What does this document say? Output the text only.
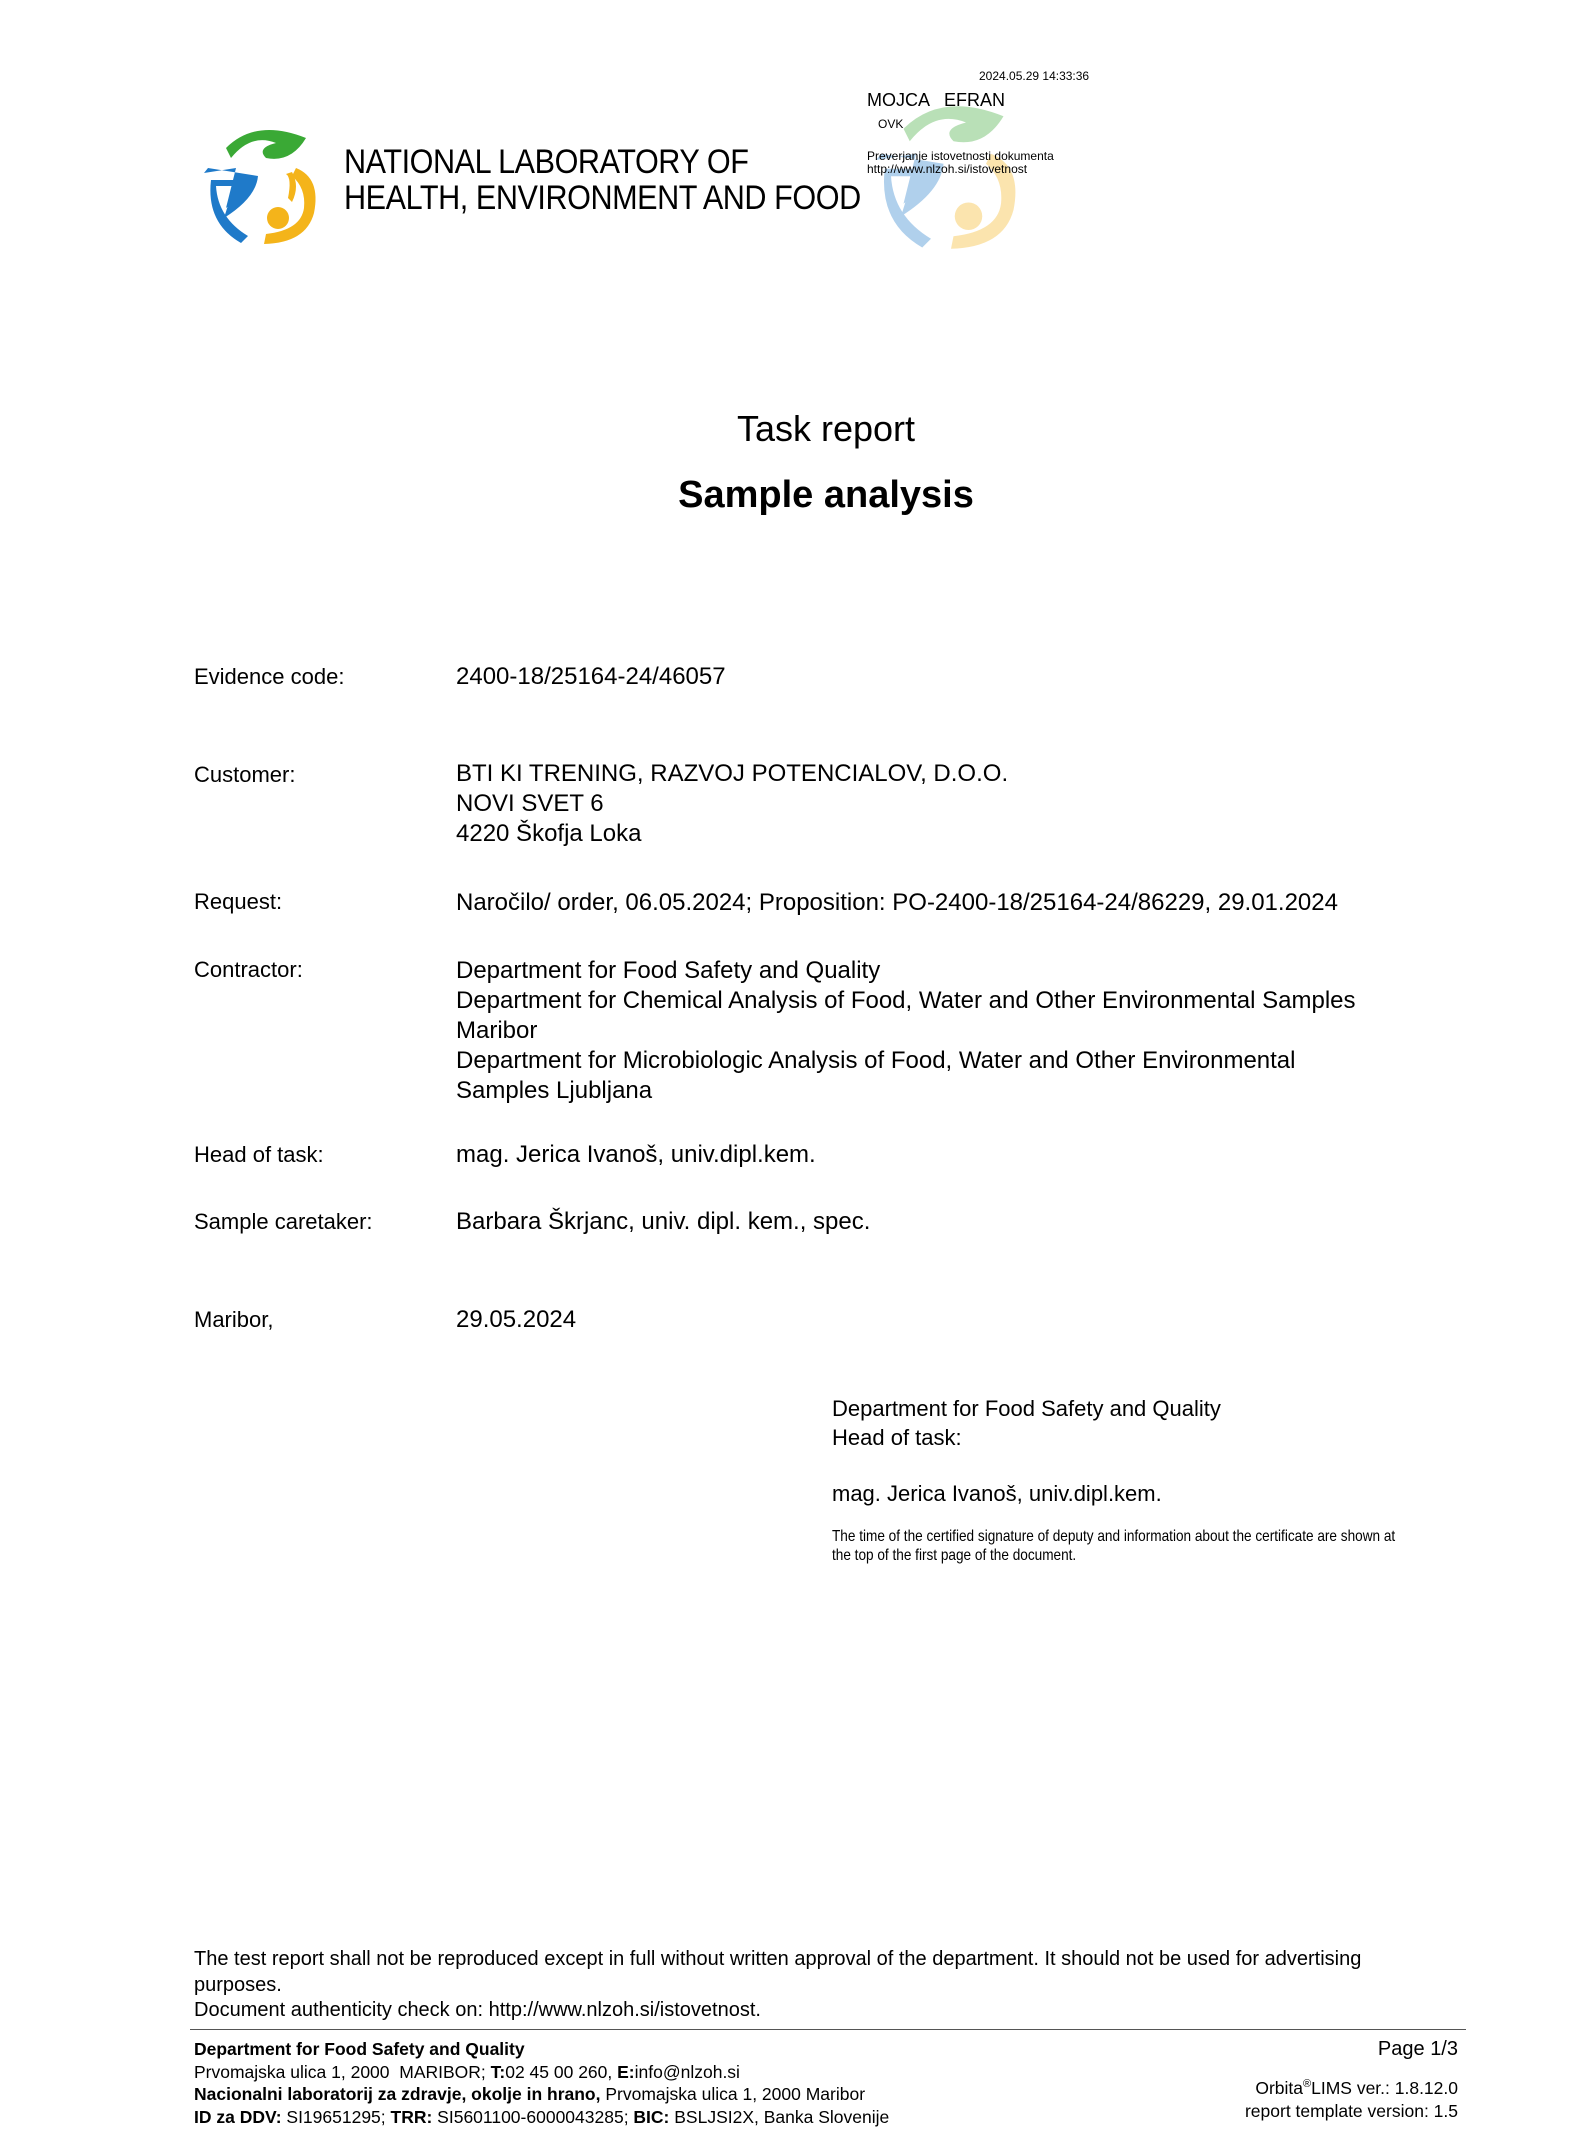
NATIONAL LABORATORY OF
HEALTH, ENVIRONMENT AND FOOD
2024.05.29 14:33:36
MOJCA   EFRAN
OVK
Preverjanje istovetnosti dokumenta
http://www.nlzoh.si/istovetnost
Task report
Sample analysis
Evidence code:	2400-18/25164-24/46057
Customer:	BTI KI TRENING, RAZVOJ POTENCIALOV, D.O.O.
NOVI SVET 6
4220 Škofja Loka
Request:	Naročilo/ order, 06.05.2024; Proposition: PO-2400-18/25164-24/86229, 29.01.2024
Contractor:	Department for Food Safety and Quality
Department for Chemical Analysis of Food, Water and Other Environmental Samples
Maribor
Department for Microbiologic Analysis of Food, Water and Other Environmental
Samples Ljubljana
Head of task:	mag. Jerica Ivanoš, univ.dipl.kem.
Sample caretaker:	Barbara Škrjanc, univ. dipl. kem., spec.
Maribor,	29.05.2024
Department for Food Safety and Quality
Head of task:
mag. Jerica Ivanoš, univ.dipl.kem.
The time of the certified signature of deputy and information about the certificate are shown at
the top of the first page of the document.
The test report shall not be reproduced except in full without written approval of the department. It should not be used for advertising
purposes.
Document authenticity check on: http://www.nlzoh.si/istovetnost.
Department for Food Safety and Quality
Prvomajska ulica 1, 2000  MARIBOR; T:02 45 00 260, E:info@nlzoh.si
Nacionalni laboratorij za zdravje, okolje in hrano, Prvomajska ulica 1, 2000 Maribor
ID za DDV: SI19651295; TRR: SI5601100-6000043285; BIC: BSLJSI2X, Banka Slovenije
Page 1/3
Orbita®LIMS ver.: 1.8.12.0
report template version: 1.5
